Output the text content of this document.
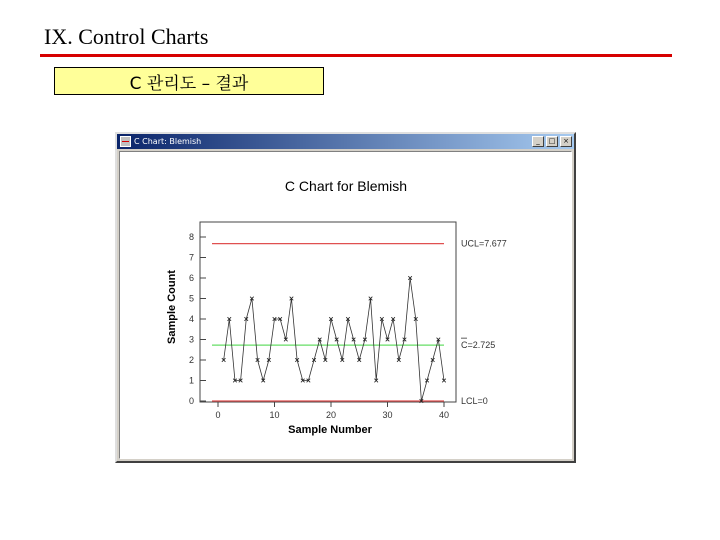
IX. Control Charts
C 관리도 – 결과
C Chart: Blemish	_	□	×
C Chart for Blemish
0
1
2
3
4
5
6
7
8
0	10	20	30	40
UCL=7.677
C=2.725
LCL=0
Sample Count
Sample Number
